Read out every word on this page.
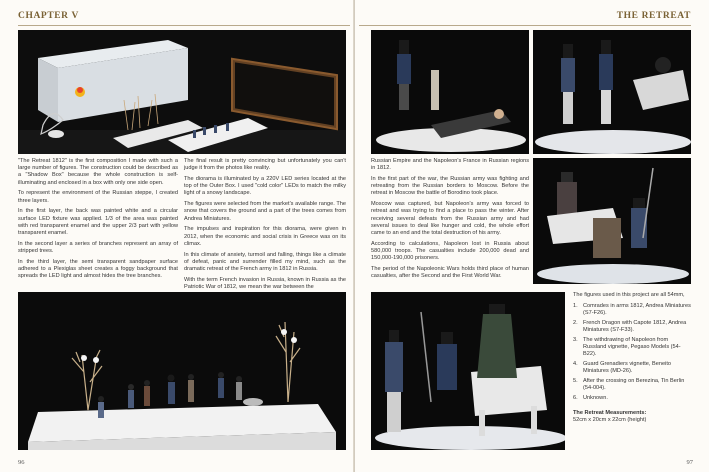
CHAPTER V

"The Retreat 1812" is the first composition I made with such a large number of figures. The construction could be described as a "Shadow Box" because the whole construction is self-illuminating and enclosed in a box with only one side open.

To represent the environment of the Russian steppe, I created three layers.

In the first layer, the back was painted white and a circular surface LED fixture was applied. 1/3 of the area was painted with red transparent enamel and the upper 2/3 part with yellow transparent enamel.

In the second layer a series of branches represent an array of stripped trees.

In the third layer, the semi transparent sandpaper surface adhered to a Plexiglas sheet creates a foggy background that spreads the LED light and almost hides the tree branches.

The final result is pretty convincing but unfortunately you can't judge it from the photos like reality.

The diorama is illuminated by a 220V LED series located at the top of the Outer Box. I used "cold color" LEDs to match the milky light of a snowy landscape.

The figures were selected from the market's available range. The snow that covers the ground and a part of the trees comes from Andrea Miniatures.

The impulses and inspiration for this diorama, were given in 2012, when the economic and social crisis in Greece was on its climax.

In this climate of anxiety, turmoil and falling, things like a climate of defeat, panic and surrender filled my mind, such as the dramatic retreat of the French army in 1812 in Russia.

With the term French invasion in Russia, known in Russia as the Patriotic War of 1812, we mean the war between the

96
THE RETREAT

Russian Empire and the Napoleon's France in Russian regions in 1812.

In the first part of the war, the Russian army was fighting and retreating from the Russian borders to Moscow. Before the retreat in Moscow the battle of Borodino took place.

Moscow was captured, but Napoleon's army was forced to retreat and was trying to find a place to pass the winter. After receiving several defeats from the Russian army and had several issues to deal like hunger and cold, the whole effort came to an end and the total destruction of his army.

According to calculations, Napoleon lost in Russia about 580,000 troops. The casualties include 200,000 dead and 150,000-190,000 prisoners.

The period of the Napoleonic Wars holds third place of human casualties, after the Second and the First World War.

The figures used in this project are all 54mm,
1. Comrades in arms 1812, Andrea Miniatures (S7-F26).
2. French Dragon with Capote 1812, Andrea Miniatures (S7-F33).
3. The withdrawing of Napoleon from Russland vignette, Pegaso Models (54-B22).
4. Guard Grenadiers vignette, Beneito Miniatures (MD-26).
5. After the crossing on Berezina, Tin Berlin (54-004).
6. Unknown.
The Retreat Measurements:
52cm x 20cm x 22cm (height)
97
